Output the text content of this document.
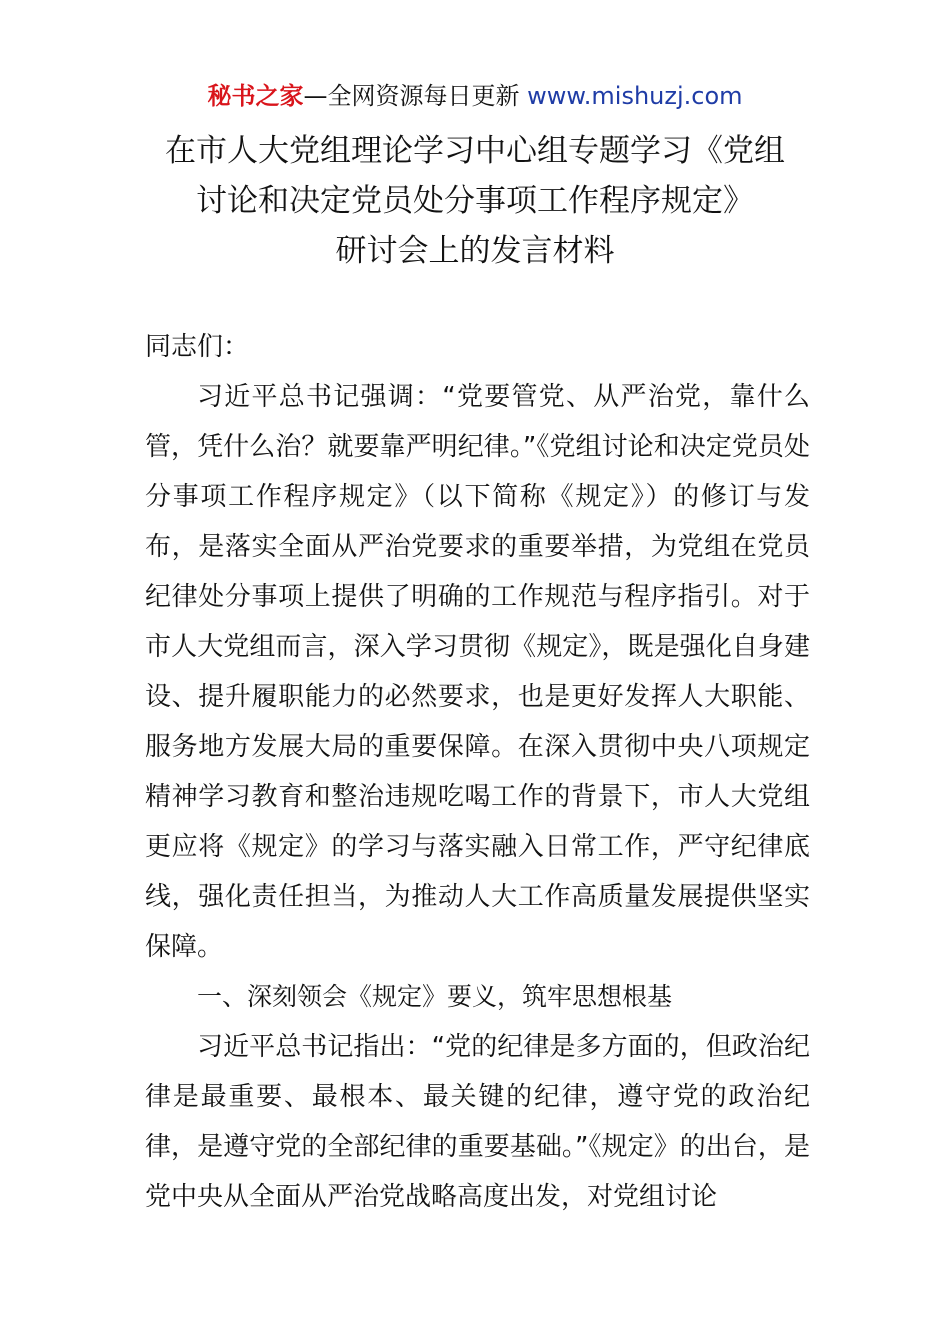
秘书之家—全网资源每日更新 www.mishuzj.com
在市人大党组理论学习中心组专题学习《党组
讨论和决定党员处分事项工作程序规定》
研讨会上的发言材料

同志们：

习近平总书记强调：“党要管党、从严治党，靠什么管，凭什么治？就要靠严明纪律。”《党组讨论和决定党员处分事项工作程序规定》（以下简称《规定》）的修订与发布，是落实全面从严治党要求的重要举措，为党组在党员纪律处分事项上提供了明确的工作规范与程序指引。对于市人大党组而言，深入学习贯彻《规定》，既是强化自身建设、提升履职能力的必然要求，也是更好发挥人大职能、服务地方发展大局的重要保障。在深入贯彻中央八项规定精神学习教育和整治违规吃喝工作的背景下，市人大党组更应将《规定》的学习与落实融入日常工作，严守纪律底线，强化责任担当，为推动人大工作高质量发展提供坚实保障。

一、深刻领会《规定》要义，筑牢思想根基

习近平总书记指出：“党的纪律是多方面的，但政治纪律是最重要、最根本、最关键的纪律，遵守党的政治纪律，是遵守党的全部纪律的重要基础。”《规定》的出台，是党中央从全面从严治党战略高度出发，对党组讨论
